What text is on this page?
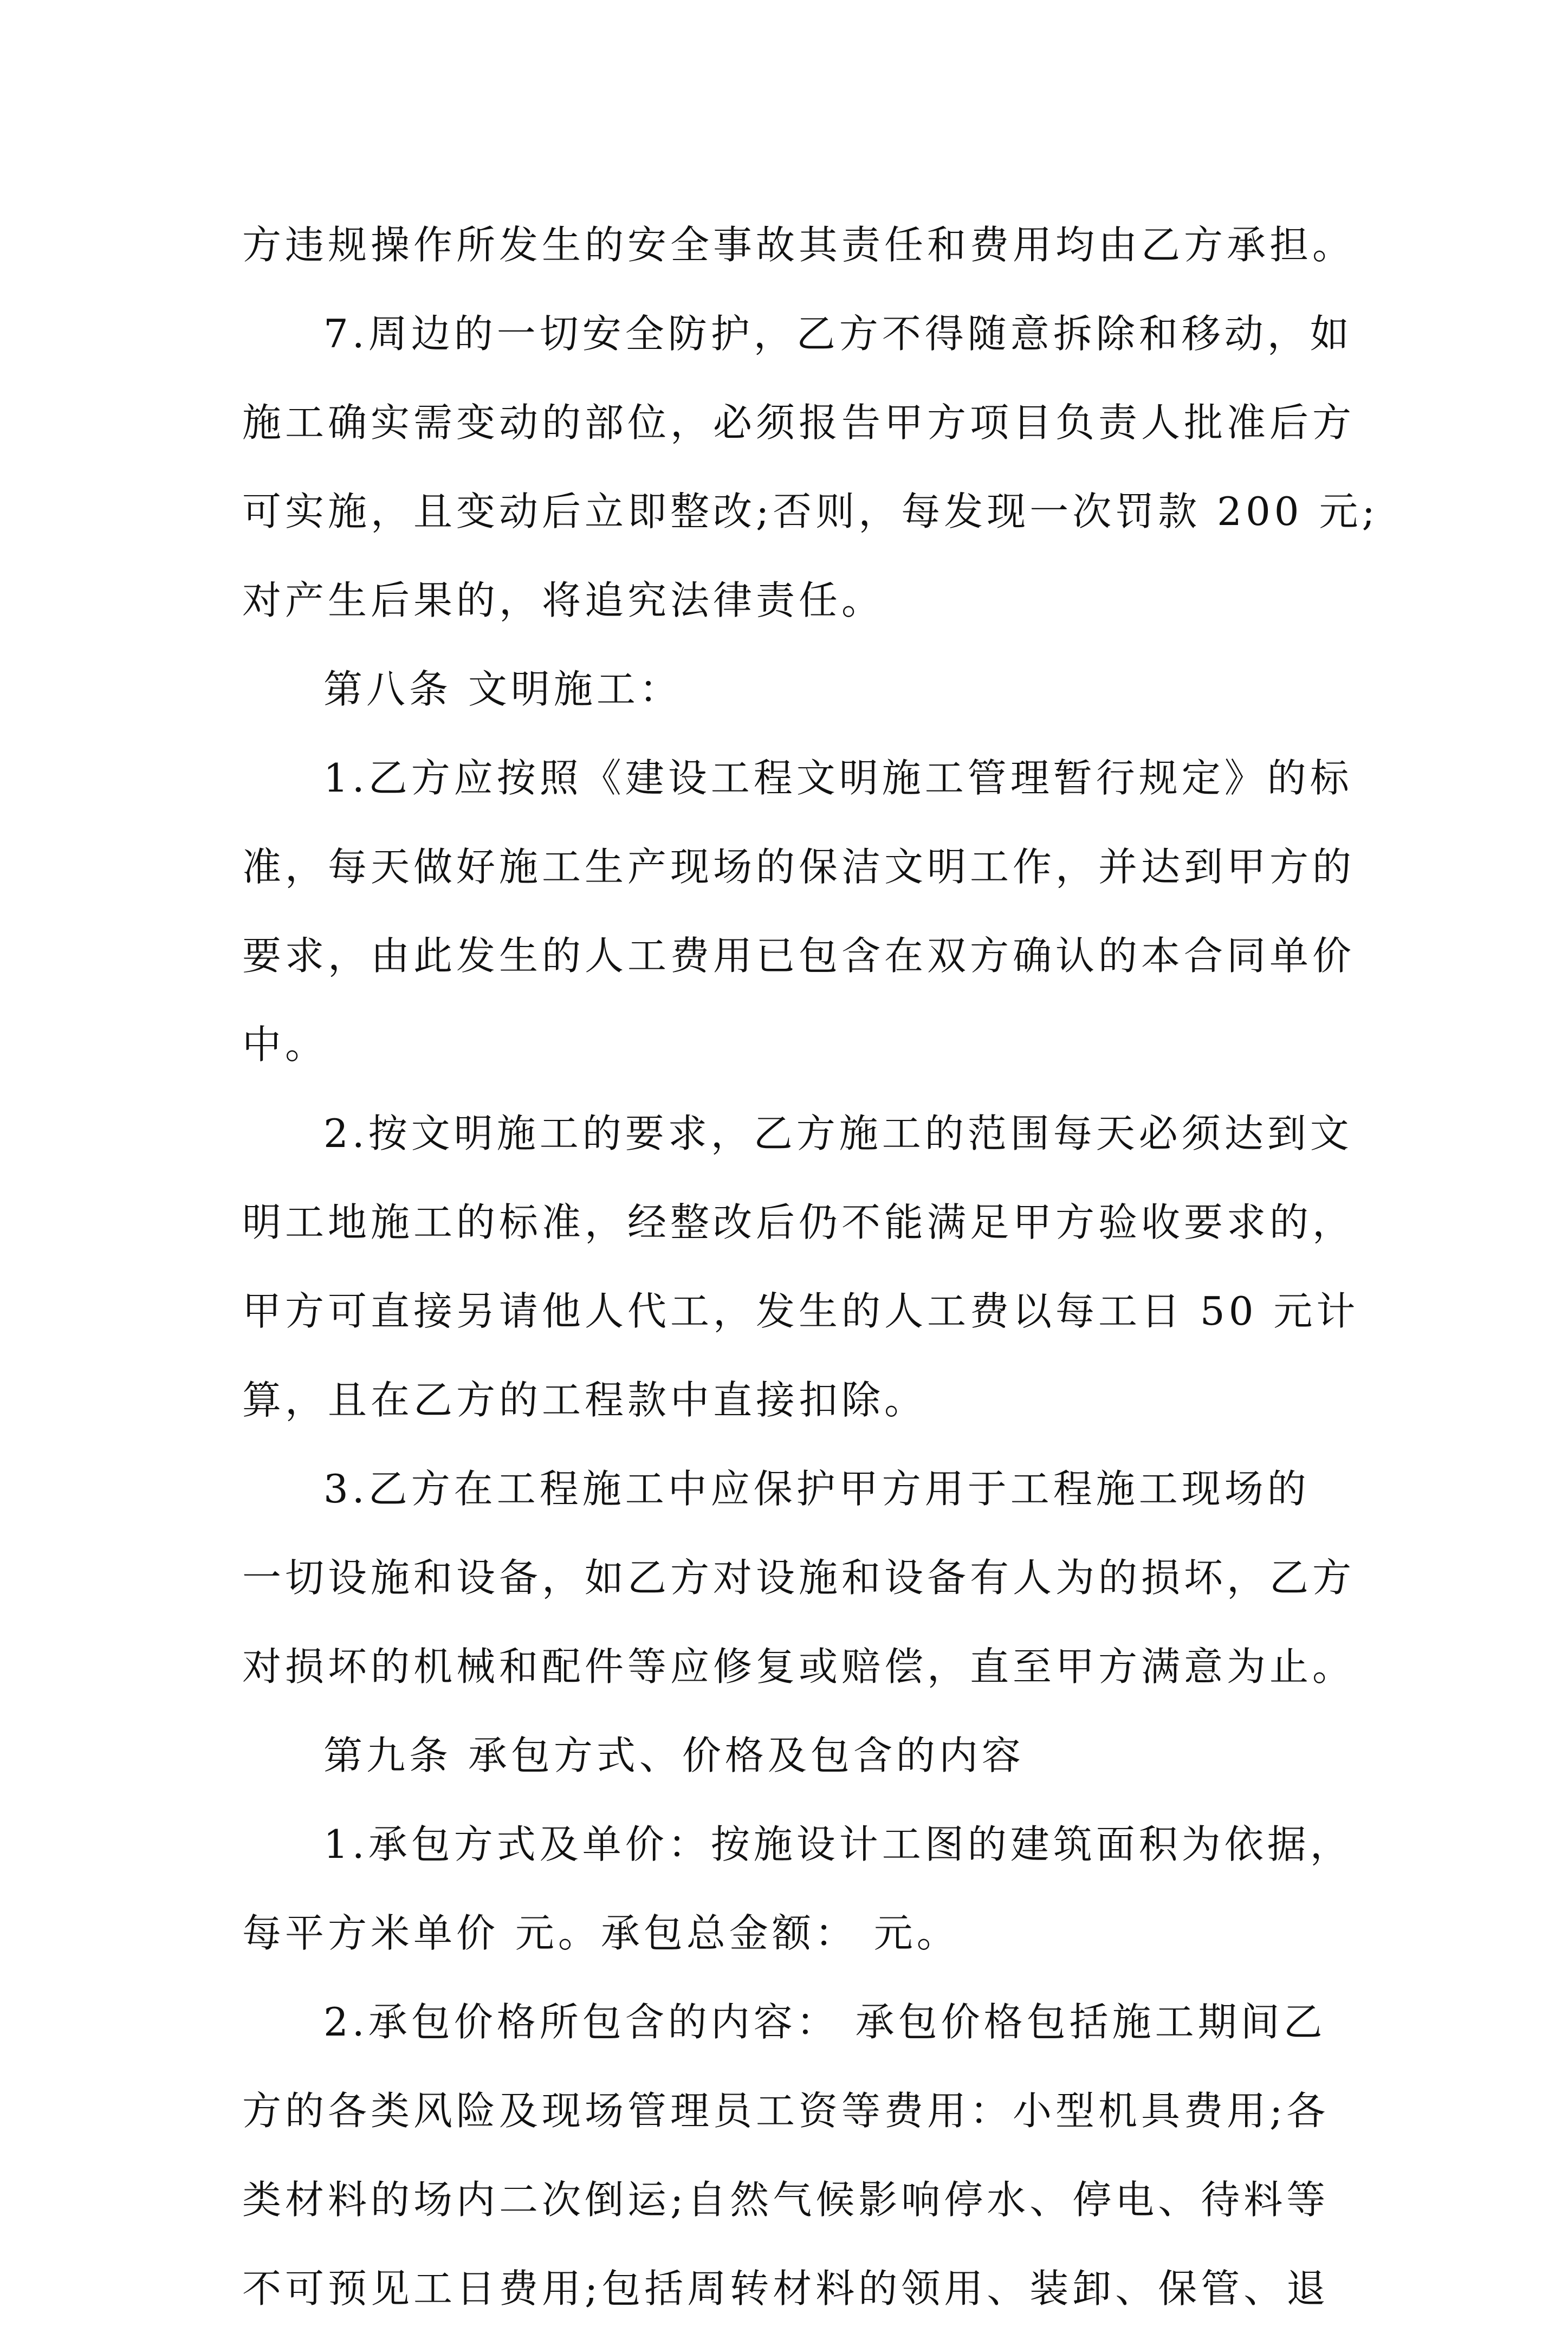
方违规操作所发生的安全事故其责任和费用均由乙方承担。
7.周边的一切安全防护，乙方不得随意拆除和移动，如
施工确实需变动的部位，必须报告甲方项目负责人批准后方
可实施，且变动后立即整改;否则，每发现一次罚款 200 元;
对产生后果的，将追究法律责任。
第八条 文明施工：
1.乙方应按照《建设工程文明施工管理暂行规定》的标
准，每天做好施工生产现场的保洁文明工作，并达到甲方的
要求，由此发生的人工费用已包含在双方确认的本合同单价
中。
2.按文明施工的要求，乙方施工的范围每天必须达到文
明工地施工的标准，经整改后仍不能满足甲方验收要求的，
甲方可直接另请他人代工，发生的人工费以每工日 50 元计
算，且在乙方的工程款中直接扣除。
3.乙方在工程施工中应保护甲方用于工程施工现场的
一切设施和设备，如乙方对设施和设备有人为的损坏，乙方
对损坏的机械和配件等应修复或赔偿，直至甲方满意为止。
第九条 承包方式、价格及包含的内容
1.承包方式及单价：按施设计工图的建筑面积为依据，
每平方米单价 元。承包总金额： 元。
2.承包价格所包含的内容： 承包价格包括施工期间乙
方的各类风险及现场管理员工资等费用：小型机具费用;各
类材料的场内二次倒运;自然气候影响停水、停电、待料等
不可预见工日费用;包括周转材料的领用、装卸、保管、退
